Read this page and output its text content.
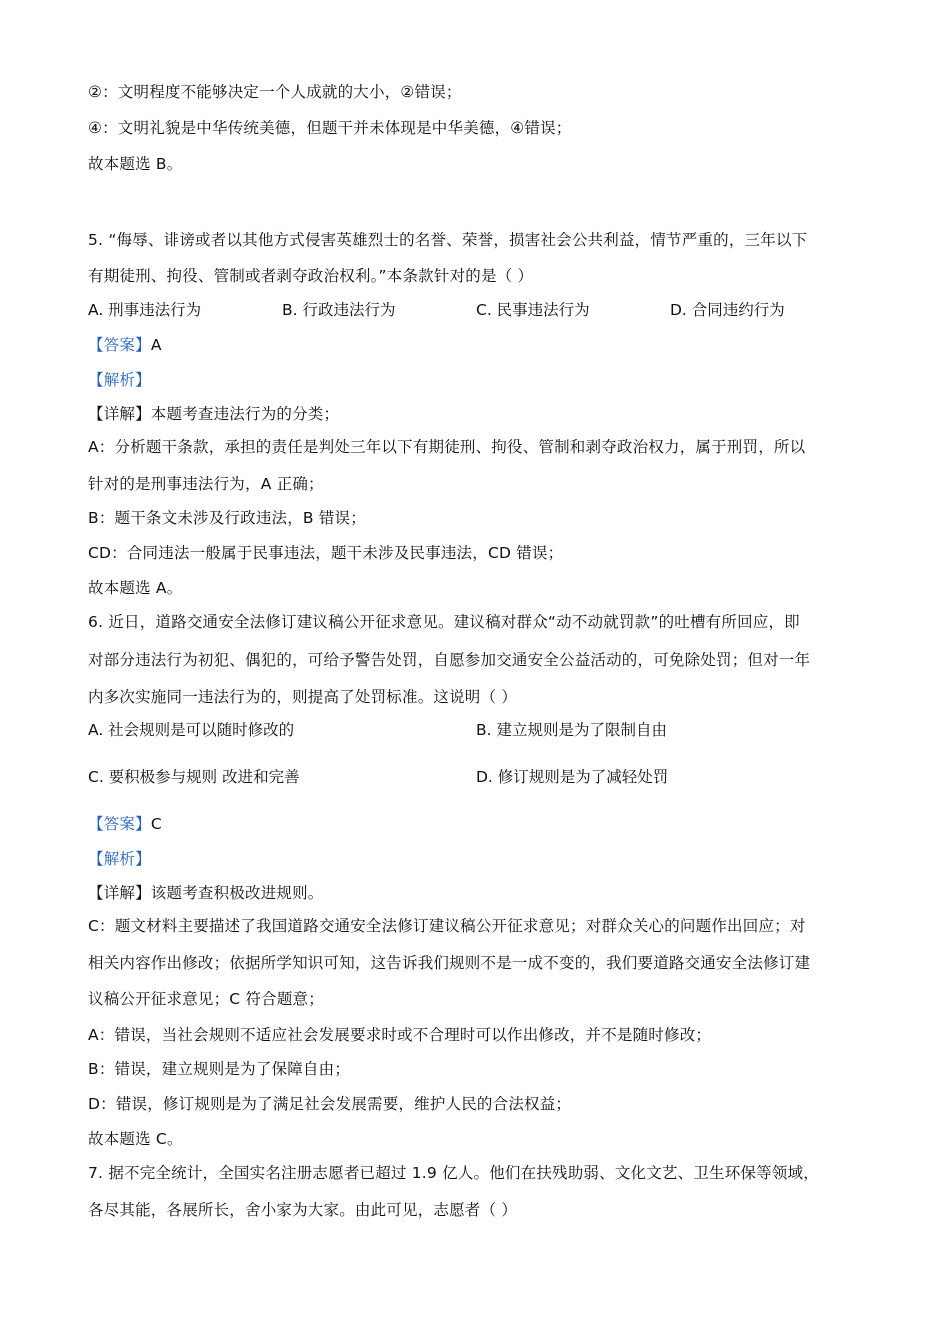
②：文明程度不能够决定一个人成就的大小，②错误；
④：文明礼貌是中华传统美德，但题干并未体现是中华美德，④错误；
故本题选 B。
5. “侮辱、诽谤或者以其他方式侵害英雄烈士的名誉、荣誉，损害社会公共利益，情节严重的，三年以下
有期徒刑、拘役、管制或者剥夺政治权利。”本条款针对的是（ ）
A. 刑事违法行为	B. 行政违法行为	C. 民事违法行为	D. 合同违约行为
【答案】A
【解析】
【详解】本题考查违法行为的分类；
A：分析题干条款，承担的责任是判处三年以下有期徒刑、拘役、管制和剥夺政治权力，属于刑罚，所以
针对的是刑事违法行为，A 正确；
B：题干条文未涉及行政违法，B 错误；
CD：合同违法一般属于民事违法，题干未涉及民事违法，CD 错误；
故本题选 A。
6. 近日，道路交通安全法修订建议稿公开征求意见。建议稿对群众“动不动就罚款”的吐槽有所回应，即
对部分违法行为初犯、偶犯的，可给予警告处罚，自愿参加交通安全公益活动的，可免除处罚；但对一年
内多次实施同一违法行为的，则提高了处罚标准。这说明（ ）
A. 社会规则是可以随时修改的	B. 建立规则是为了限制自由
C. 要积极参与规则 改进和完善	D. 修订规则是为了减轻处罚
【答案】C
【解析】
【详解】该题考查积极改进规则。
C：题文材料主要描述了我国道路交通安全法修订建议稿公开征求意见；对群众关心的问题作出回应；对
相关内容作出修改；依据所学知识可知，这告诉我们规则不是一成不变的，我们要道路交通安全法修订建
议稿公开征求意见；C 符合题意；
A：错误，当社会规则不适应社会发展要求时或不合理时可以作出修改，并不是随时修改；
B：错误，建立规则是为了保障自由；
D：错误，修订规则是为了满足社会发展需要，维护人民的合法权益；
故本题选 C。
7. 据不完全统计，全国实名注册志愿者已超过 1.9 亿人。他们在扶残助弱、文化文艺、卫生环保等领域，
各尽其能，各展所长，舍小家为大家。由此可见，志愿者（ ）
